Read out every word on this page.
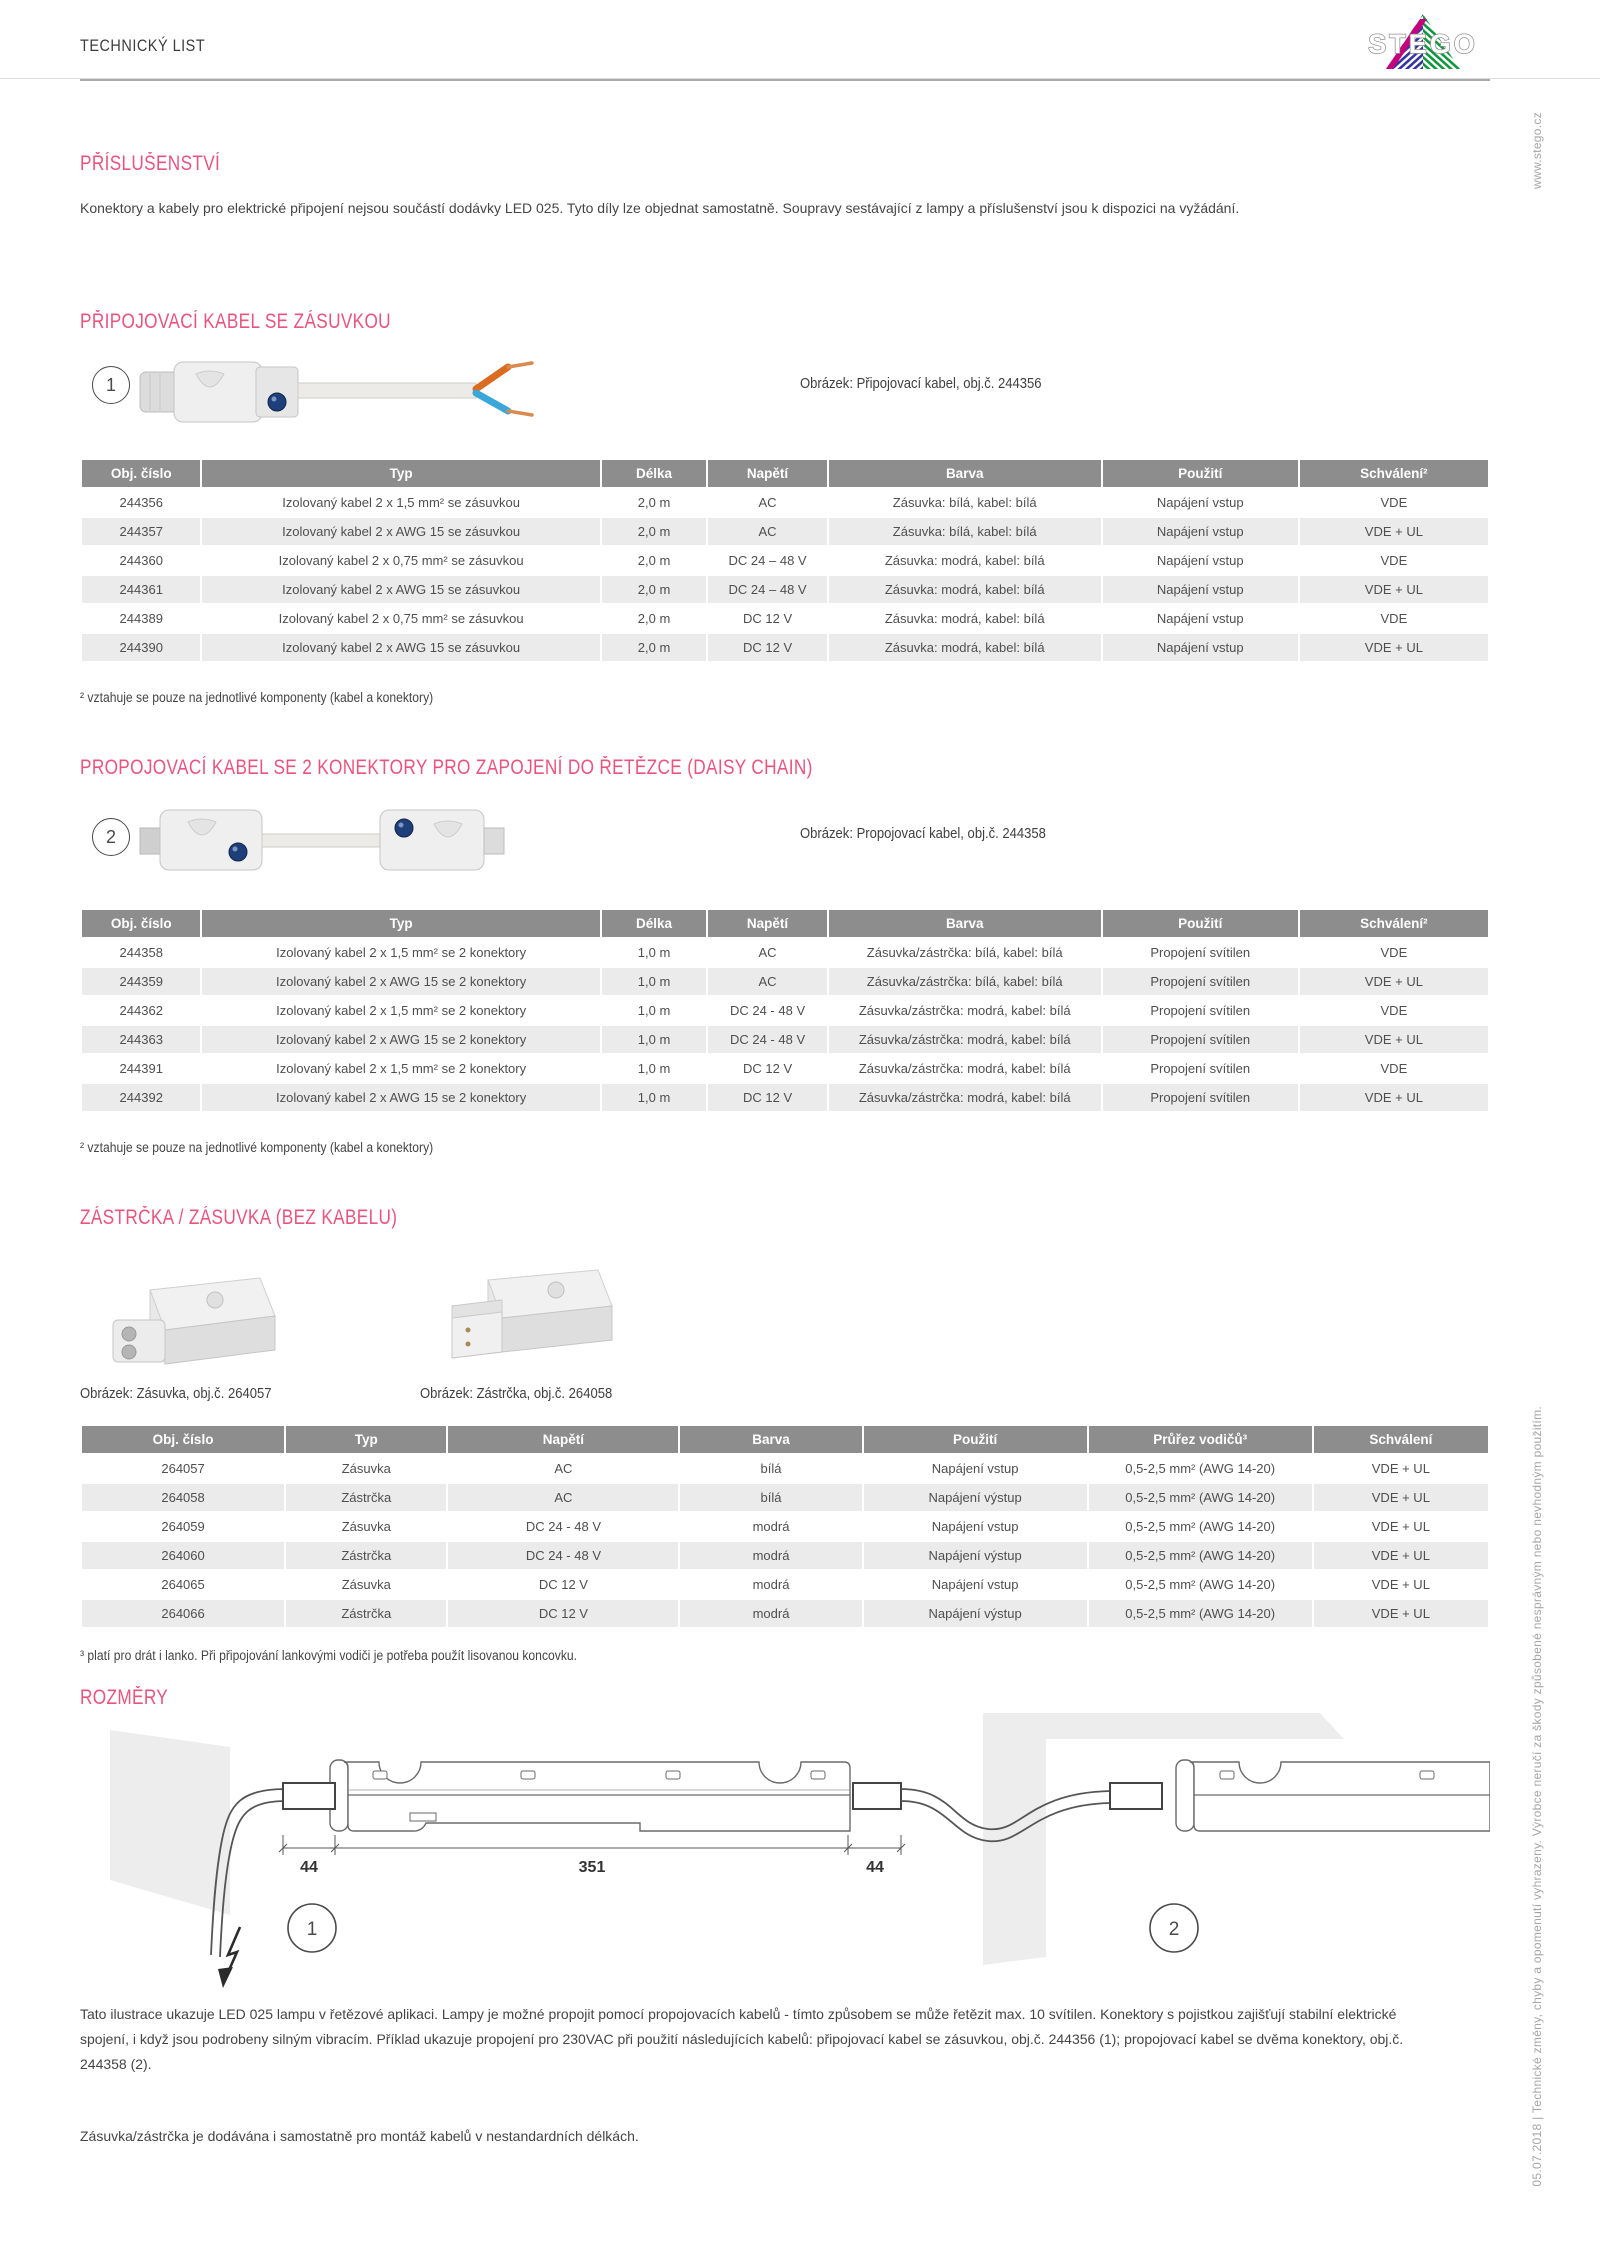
TECHNICKÝ LIST	STEGO
www.stego.cz
05.07.2018 | Technické změny, chyby a opomenutí vyhrazeny. Výrobce neručí za škody způsobené nesprávným nebo nevhodným použitím.
PŘÍSLUŠENSTVÍ
Konektory a kabely pro elektrické připojení nejsou součástí dodávky LED 025. Tyto díly lze objednat samostatně. Soupravy sestávající z lampy a příslušenství jsou k dispozici na vyžádání.
PŘIPOJOVACÍ KABEL SE ZÁSUVKOU
1	Obrázek: Připojovací kabel, obj.č. 244356
Obj. číslo	Typ	Délka	Napětí	Barva	Použití	Schválení²
244356	Izolovaný kabel 2 x 1,5 mm² se zásuvkou	2,0 m	AC	Zásuvka: bílá, kabel: bílá	Napájení vstup	VDE
244357	Izolovaný kabel 2 x AWG 15 se zásuvkou	2,0 m	AC	Zásuvka: bílá, kabel: bílá	Napájení vstup	VDE + UL
244360	Izolovaný kabel 2 x 0,75 mm² se zásuvkou	2,0 m	DC 24 – 48 V	Zásuvka: modrá, kabel: bílá	Napájení vstup	VDE
244361	Izolovaný kabel 2 x AWG 15 se zásuvkou	2,0 m	DC 24 – 48 V	Zásuvka: modrá, kabel: bílá	Napájení vstup	VDE + UL
244389	Izolovaný kabel 2 x 0,75 mm² se zásuvkou	2,0 m	DC 12 V	Zásuvka: modrá, kabel: bílá	Napájení vstup	VDE
244390	Izolovaný kabel 2 x AWG 15 se zásuvkou	2,0 m	DC 12 V	Zásuvka: modrá, kabel: bílá	Napájení vstup	VDE + UL
² vztahuje se pouze na jednotlivé komponenty (kabel a konektory)
PROPOJOVACÍ KABEL SE 2 KONEKTORY PRO ZAPOJENÍ DO ŘETĚZCE (DAISY CHAIN)
2	Obrázek: Propojovací kabel, obj.č. 244358
Obj. číslo	Typ	Délka	Napětí	Barva	Použití	Schválení²
244358	Izolovaný kabel 2 x 1,5 mm² se 2 konektory	1,0 m	AC	Zásuvka/zástrčka: bílá, kabel: bílá	Propojení svítilen	VDE
244359	Izolovaný kabel 2 x AWG 15 se 2 konektory	1,0 m	AC	Zásuvka/zástrčka: bílá, kabel: bílá	Propojení svítilen	VDE + UL
244362	Izolovaný kabel 2 x 1,5 mm² se 2 konektory	1,0 m	DC 24 - 48 V	Zásuvka/zástrčka: modrá, kabel: bílá	Propojení svítilen	VDE
244363	Izolovaný kabel 2 x AWG 15 se 2 konektory	1,0 m	DC 24 - 48 V	Zásuvka/zástrčka: modrá, kabel: bílá	Propojení svítilen	VDE + UL
244391	Izolovaný kabel 2 x 1,5 mm² se 2 konektory	1,0 m	DC 12 V	Zásuvka/zástrčka: modrá, kabel: bílá	Propojení svítilen	VDE
244392	Izolovaný kabel 2 x AWG 15 se 2 konektory	1,0 m	DC 12 V	Zásuvka/zástrčka: modrá, kabel: bílá	Propojení svítilen	VDE + UL
² vztahuje se pouze na jednotlivé komponenty (kabel a konektory)
ZÁSTRČKA / ZÁSUVKA (BEZ KABELU)
Obrázek: Zásuvka, obj.č. 264057	Obrázek: Zástrčka, obj.č. 264058
Obj. číslo	Typ	Napětí	Barva	Použití	Průřez vodičů³	Schválení
264057	Zásuvka	AC	bílá	Napájení vstup	0,5-2,5 mm² (AWG 14-20)	VDE + UL
264058	Zástrčka	AC	bílá	Napájení výstup	0,5-2,5 mm² (AWG 14-20)	VDE + UL
264059	Zásuvka	DC 24 - 48 V	modrá	Napájení vstup	0,5-2,5 mm² (AWG 14-20)	VDE + UL
264060	Zástrčka	DC 24 - 48 V	modrá	Napájení výstup	0,5-2,5 mm² (AWG 14-20)	VDE + UL
264065	Zásuvka	DC 12 V	modrá	Napájení vstup	0,5-2,5 mm² (AWG 14-20)	VDE + UL
264066	Zástrčka	DC 12 V	modrá	Napájení výstup	0,5-2,5 mm² (AWG 14-20)	VDE + UL
³ platí pro drát i lanko. Při připojování lankovými vodiči je potřeba použít lisovanou koncovku.
ROZMĚRY
44	351	44
1	2
Tato ilustrace ukazuje LED 025 lampu v řetězové aplikaci. Lampy je možné propojit pomocí propojovacích kabelů - tímto způsobem se může řetězit max. 10 svítilen. Konektory s pojistkou zajišťují stabilní elektrické spojení, i když jsou podrobeny silným vibracím. Příklad ukazuje propojení pro 230VAC při použití následujících kabelů: připojovací kabel se zásuvkou, obj.č. 244356 (1); propojovací kabel se dvěma konektory, obj.č. 244358 (2).
Zásuvka/zástrčka je dodávána i samostatně pro montáž kabelů v nestandardních délkách.
